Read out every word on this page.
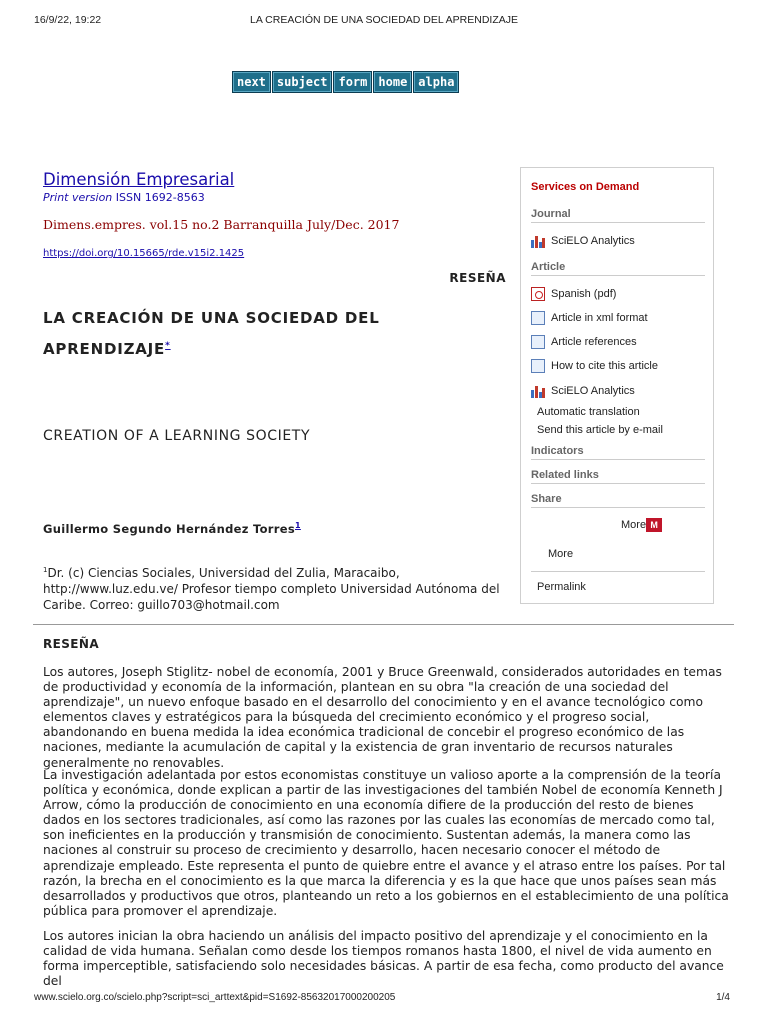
16/9/22, 19:22	LA CREACIÓN DE UNA SOCIEDAD DEL APRENDIZAJE
next subject form home alpha
Dimensión Empresarial
Print version ISSN 1692-8563
Dimens.empres. vol.15 no.2 Barranquilla July/Dec. 2017
https://doi.org/10.15665/rde.v15i2.1425
RESEÑA
LA CREACIÓN DE UNA SOCIEDAD DEL
APRENDIZAJE*
CREATION OF A LEARNING SOCIETY
Guillermo Segundo Hernández Torres$^1$
$^1$Dr. (c) Ciencias Sociales, Universidad del Zulia, Maracaibo, http://www.luz.edu.ve/ Profesor tiempo completo Universidad Autónoma del Caribe. Correo: guillo703@hotmail.com
Services on Demand
Journal
SciELO Analytics
Article
Spanish (pdf)
Article in xml format
Article references
How to cite this article
SciELO Analytics
Automatic translation
Send this article by e-mail
Indicators
Related links
Share
More M
More
Permalink
RESEÑA

Los autores, Joseph Stiglitz- nobel de economía, 2001 y Bruce Greenwald, considerados autoridades en temas de productividad y economía de la información, plantean en su obra "la creación de una sociedad del aprendizaje", un nuevo enfoque basado en el desarrollo del conocimiento y en el avance tecnológico como elementos claves y estratégicos para la búsqueda del crecimiento económico y el progreso social, abandonando en buena medida la idea económica tradicional de concebir el progreso económico de las naciones, mediante la acumulación de capital y la existencia de gran inventario de recursos naturales generalmente no renovables.

La investigación adelantada por estos economistas constituye un valioso aporte a la comprensión de la teoría política y económica, donde explican a partir de las investigaciones del también Nobel de economía Kenneth J Arrow, cómo la producción de conocimiento en una economía difiere de la producción del resto de bienes dados en los sectores tradicionales, así como las razones por las cuales las economías de mercado como tal, son ineficientes en la producción y transmisión de conocimiento. Sustentan además, la manera como las naciones al construir su proceso de crecimiento y desarrollo, hacen necesario conocer el método de aprendizaje empleado. Este representa el punto de quiebre entre el avance y el atraso entre los países. Por tal razón, la brecha en el conocimiento es la que marca la diferencia y es la que hace que unos países sean más desarrollados y productivos que otros, planteando un reto a los gobiernos en el establecimiento de una política pública para promover el aprendizaje.

Los autores inician la obra haciendo un análisis del impacto positivo del aprendizaje y el conocimiento en la calidad de vida humana. Señalan como desde los tiempos romanos hasta 1800, el nivel de vida aumento en forma imperceptible, satisfaciendo solo necesidades básicas. A partir de esa fecha, como producto del avance del

www.scielo.org.co/scielo.php?script=sci_arttext&pid=S1692-85632017000200205	1/4
